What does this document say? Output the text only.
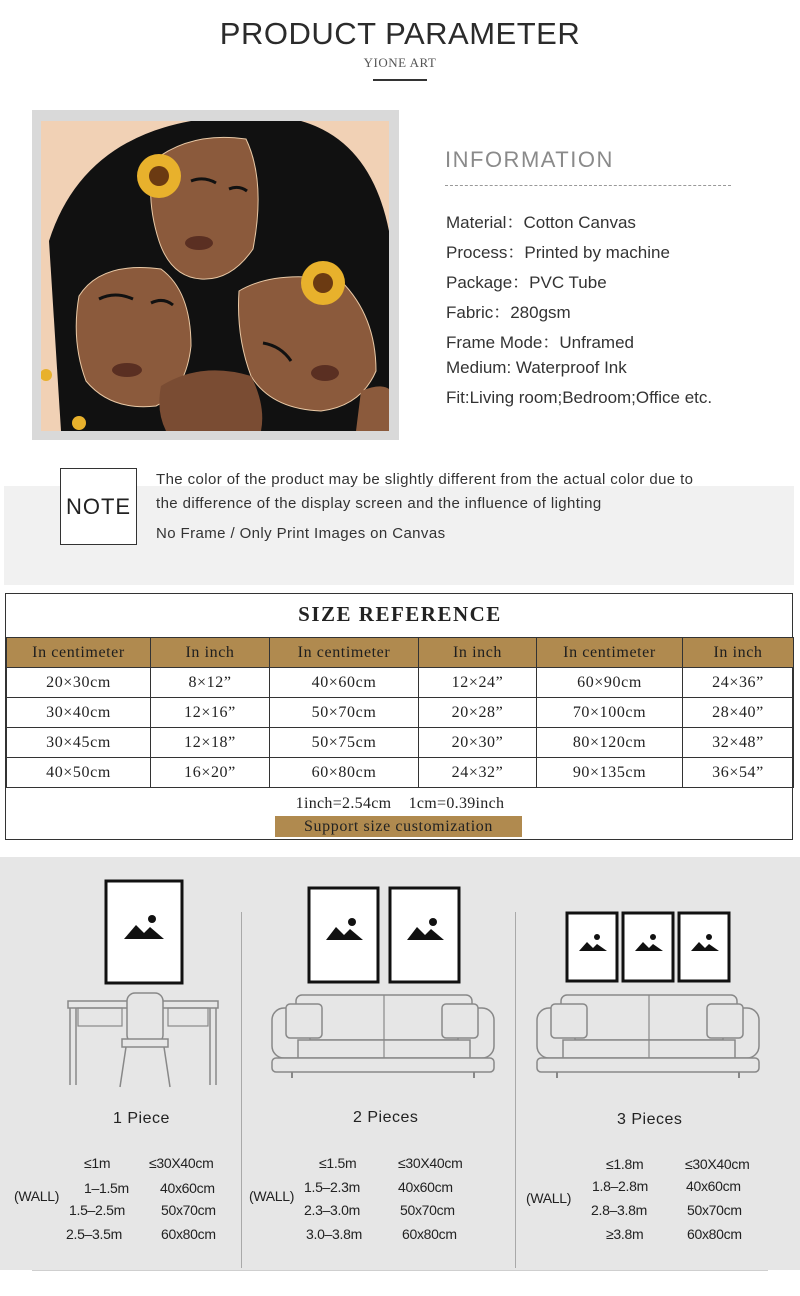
PRODUCT PARAMETER
YIONE ART
INFORMATION
Material：Cotton Canvas
Process：Printed by machine
Package：PVC Tube
Fabric：280gsm
Frame Mode：Unframed
Medium: Waterproof Ink
Fit:Living room;Bedroom;Office etc.
NOTE
The color of the product may be slightly different from the actual color due to
the difference of the display screen and the influence of lighting
No Frame / Only Print Images on Canvas
SIZE REFERENCE
In centimeter	In inch	In centimeter	In inch	In centimeter	In inch
20×30cm	8×12”	40×60cm	12×24”	60×90cm	24×36”
30×40cm	12×16”	50×70cm	20×28”	70×100cm	28×40”
30×45cm	12×18”	50×75cm	20×30”	80×120cm	32×48”
40×50cm	16×20”	60×80cm	24×32”	90×135cm	36×54”
1inch=2.54cm    1cm=0.39inch
Support size customization
1 Piece	2 Pieces	3 Pieces
(WALL)
≤1m	≤30X40cm
1–1.5m 40x60cm
1.5–2.5m	50x70cm
2.5–3.5m	60x80cm
(WALL)
≤1.5m	≤30X40cm
1.5–2.3m	40x60cm
2.3–3.0m	50x70cm
3.0–3.8m	60x80cm
(WALL)
≤1.8m	≤30X40cm
1.8–2.8m	40x60cm
2.8–3.8m	50x70cm
≥3.8m	60x80cm
